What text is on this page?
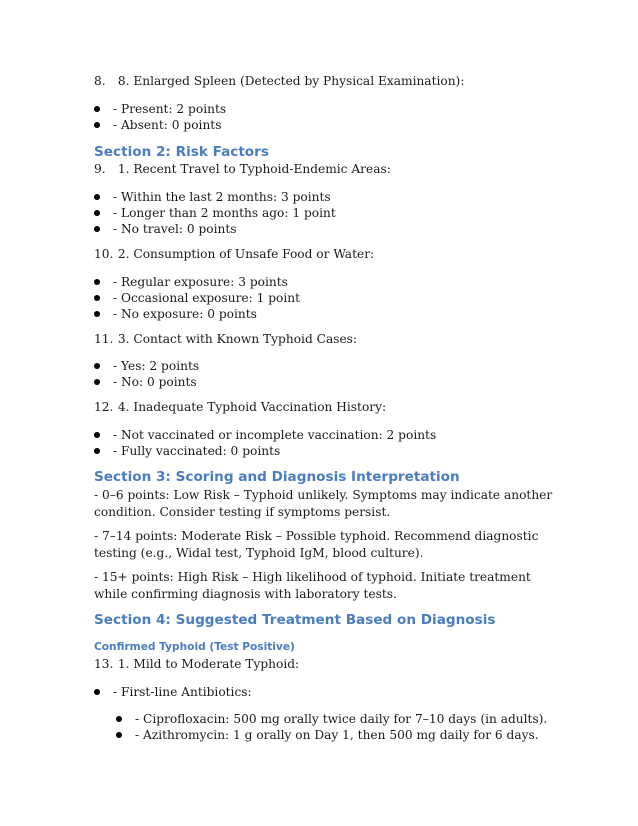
8. 8. Enlarged Spleen (Detected by Physical Examination):
- Present: 2 points
- Absent: 0 points
Section 2: Risk Factors
9. 1. Recent Travel to Typhoid-Endemic Areas:
- Within the last 2 months: 3 points
- Longer than 2 months ago: 1 point
- No travel: 0 points
10. 2. Consumption of Unsafe Food or Water:
- Regular exposure: 3 points
- Occasional exposure: 1 point
- No exposure: 0 points
11. 3. Contact with Known Typhoid Cases:
- Yes: 2 points
- No: 0 points
12. 4. Inadequate Typhoid Vaccination History:
- Not vaccinated or incomplete vaccination: 2 points
- Fully vaccinated: 0 points
Section 3: Scoring and Diagnosis Interpretation

- 0–6 points: Low Risk – Typhoid unlikely. Symptoms may indicate another condition. Consider testing if symptoms persist.

- 7–14 points: Moderate Risk – Possible typhoid. Recommend diagnostic testing (e.g., Widal test, Typhoid IgM, blood culture).

- 15+ points: High Risk – High likelihood of typhoid. Initiate treatment while confirming diagnosis with laboratory tests.

Section 4: Suggested Treatment Based on Diagnosis
Confirmed Typhoid (Test Positive)
13. 1. Mild to Moderate Typhoid:
- First-line Antibiotics:
- Ciprofloxacin: 500 mg orally twice daily for 7–10 days (in adults).
- Azithromycin: 1 g orally on Day 1, then 500 mg daily for 6 days.
